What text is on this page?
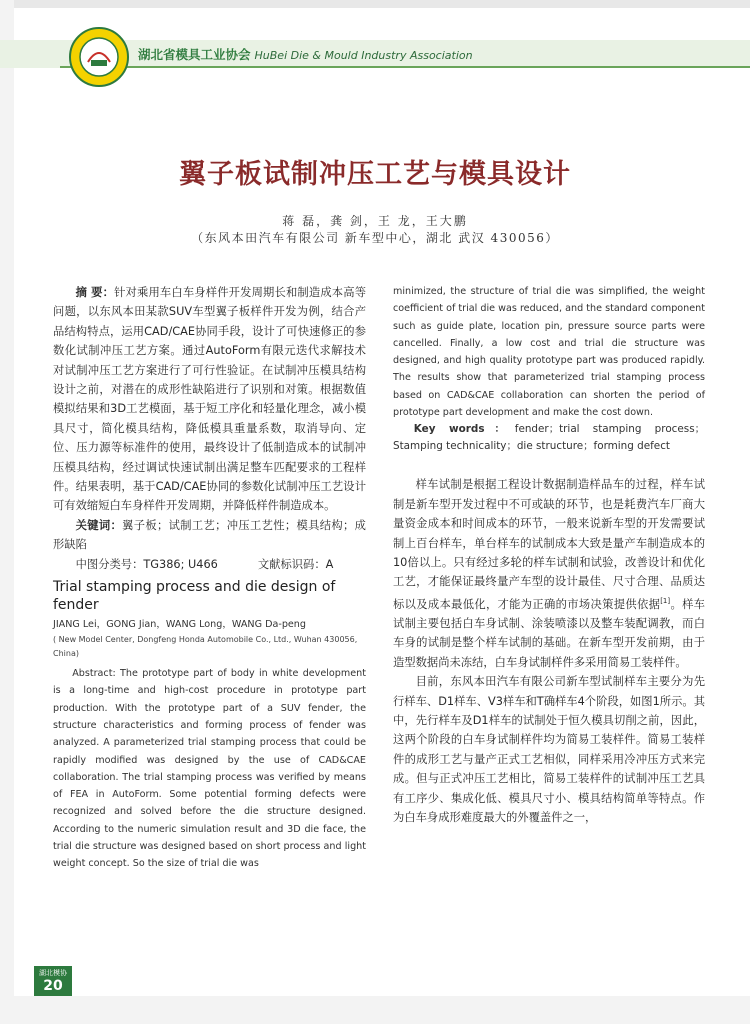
湖北省模具工业协会 HuBei Die & Mould Industry Association
翼子板试制冲压工艺与模具设计
蒋 磊，龚 剑，王 龙，王大鹏
（东风本田汽车有限公司 新车型中心，湖北 武汉 430056）

摘 要：针对乘用车白车身样件开发周期长和制造成本高等问题，以东风本田某款SUV车型翼子板样件开发为例，结合产品结构特点，运用CAD/CAE协同手段，设计了可快速修正的参数化试制冲压工艺方案。通过AutoForm有限元迭代求解技术对试制冲压工艺方案进行了可行性验证。在试制冲压模具结构设计之前，对潜在的成形性缺陷进行了识别和对策。根据数值模拟结果和3D工艺模面，基于短工序化和轻量化理念，减小模具尺寸，简化模具结构，降低模具重量系数，取消导向、定位、压力源等标准件的使用，最终设计了低制造成本的试制冲压模具结构，经过调试快速试制出满足整车匹配要求的工程样件。结果表明，基于CAD/CAE协同的参数化试制冲压工艺设计可有效缩短白车身样件开发周期，并降低样件制造成本。

关键词：翼子板；试制工艺；冲压工艺性；模具结构；成形缺陷

中图分类号：TG386; U466	文献标识码：A

Trial stamping process and die design of fender

JIANG Lei，GONG Jian，WANG Long，WANG Da-peng

( New Model Center, Dongfeng Honda Automobile Co., Ltd., Wuhan 430056, China)

Abstract: The prototype part of body in white development is a long-time and high-cost procedure in prototype part production. With the prototype part of a SUV fender, the structure characteristics and forming process of fender was analyzed. A parameterized trial stamping process that could be rapidly modified was designed by the use of CAD&CAE collaboration. The trial stamping process was verified by means of FEA in AutoForm. Some potential forming defects were recognized and solved before the die structure designed. According to the numeric simulation result and 3D die face, the trial die structure was designed based on short process and light weight concept. So the size of trial die was

minimized, the structure of trial die was simplified, the weight coefficient of trial die was reduced, and the standard component such as guide plate, location pin, pressure source parts were cancelled. Finally, a low cost and trial die structure was designed, and high quality prototype part was produced rapidly. The results show that parameterized trial stamping process based on CAD&CAE collaboration can shorten the period of prototype part development and make the cost down.

Key words：fender；trial stamping process；Stamping technicality；die structure；forming defect

样车试制是根据工程设计数据制造样品车的过程，样车试制是新车型开发过程中不可或缺的环节，也是耗费汽车厂商大量资金成本和时间成本的环节，一般来说新车型的开发需要试制上百台样车，单台样车的试制成本大致是量产车制造成本的10倍以上。只有经过多轮的样车试制和试验，改善设计和优化工艺，才能保证最终量产车型的设计最佳、尺寸合理、品质达标以及成本最低化，才能为正确的市场决策提供依据[1]。样车试制主要包括白车身试制、涂装喷漆以及整车装配调教，而白车身的试制是整个样车试制的基础。在新车型开发前期，由于造型数据尚未冻结，白车身试制样件多采用简易工装样件。

目前，东风本田汽车有限公司新车型试制样车主要分为先行样车、D1样车、V3样车和T确样车4个阶段，如图1所示。其中，先行样车及D1样车的试制处于恒久模具切削之前，因此，这两个阶段的白车身试制样件均为简易工装样件。简易工装样件的成形工艺与量产正式工艺相似，同样采用冷冲压方式来完成。但与正式冲压工艺相比，简易工装样件的试制冲压工艺具有工序少、集成化低、模具尺寸小、模具结构简单等特点。作为白车身成形难度最大的外覆盖件之一，

湖北模协
20
